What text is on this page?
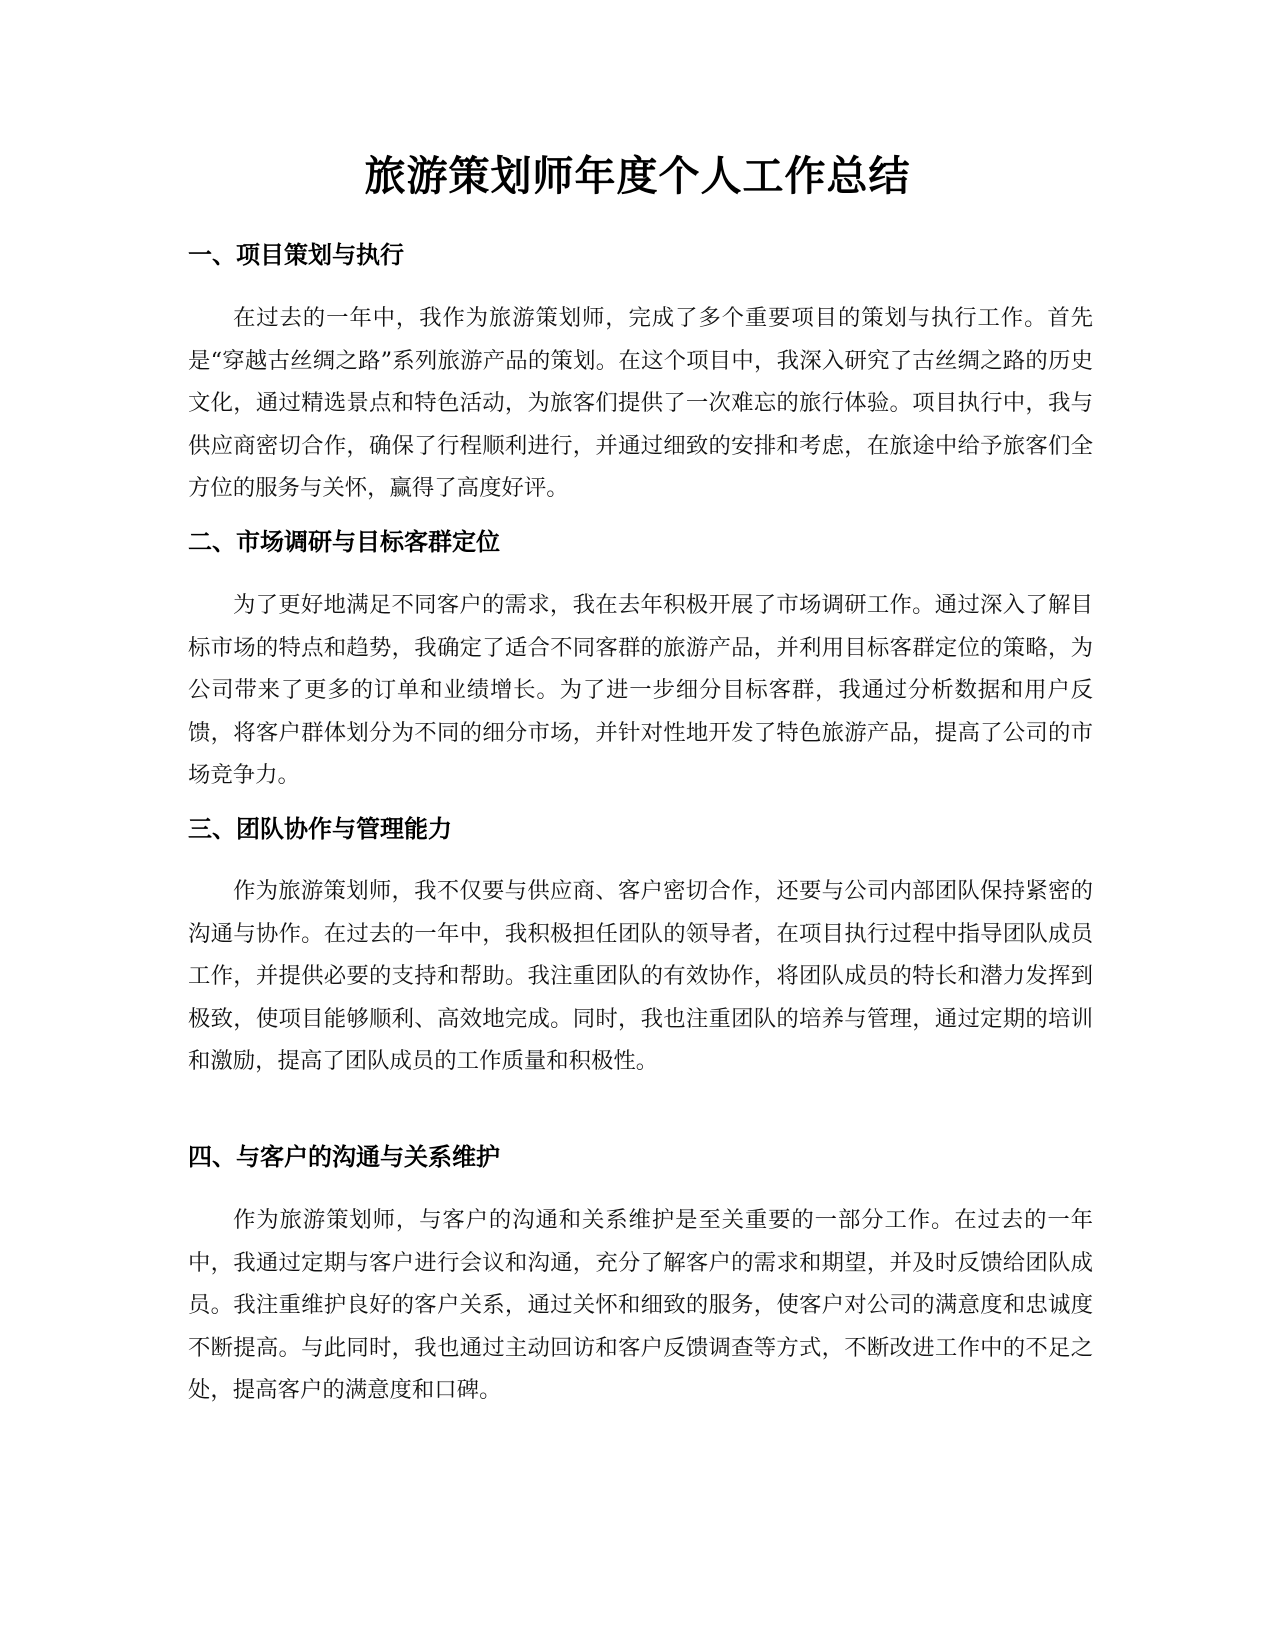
旅游策划师年度个人工作总结
一、项目策划与执行
在过去的一年中，我作为旅游策划师，完成了多个重要项目的策划与执行工作。首先是“穿越古丝绸之路”系列旅游产品的策划。在这个项目中，我深入研究了古丝绸之路的历史文化，通过精选景点和特色活动，为旅客们提供了一次难忘的旅行体验。项目执行中，我与供应商密切合作，确保了行程顺利进行，并通过细致的安排和考虑，在旅途中给予旅客们全方位的服务与关怀，赢得了高度好评。
二、市场调研与目标客群定位
为了更好地满足不同客户的需求，我在去年积极开展了市场调研工作。通过深入了解目标市场的特点和趋势，我确定了适合不同客群的旅游产品，并利用目标客群定位的策略，为公司带来了更多的订单和业绩增长。为了进一步细分目标客群，我通过分析数据和用户反馈，将客户群体划分为不同的细分市场，并针对性地开发了特色旅游产品，提高了公司的市场竞争力。
三、团队协作与管理能力
作为旅游策划师，我不仅要与供应商、客户密切合作，还要与公司内部团队保持紧密的沟通与协作。在过去的一年中，我积极担任团队的领导者，在项目执行过程中指导团队成员工作，并提供必要的支持和帮助。我注重团队的有效协作，将团队成员的特长和潜力发挥到极致，使项目能够顺利、高效地完成。同时，我也注重团队的培养与管理，通过定期的培训和激励，提高了团队成员的工作质量和积极性。
四、与客户的沟通与关系维护
作为旅游策划师，与客户的沟通和关系维护是至关重要的一部分工作。在过去的一年中，我通过定期与客户进行会议和沟通，充分了解客户的需求和期望，并及时反馈给团队成员。我注重维护良好的客户关系，通过关怀和细致的服务，使客户对公司的满意度和忠诚度不断提高。与此同时，我也通过主动回访和客户反馈调查等方式，不断改进工作中的不足之处，提高客户的满意度和口碑。
